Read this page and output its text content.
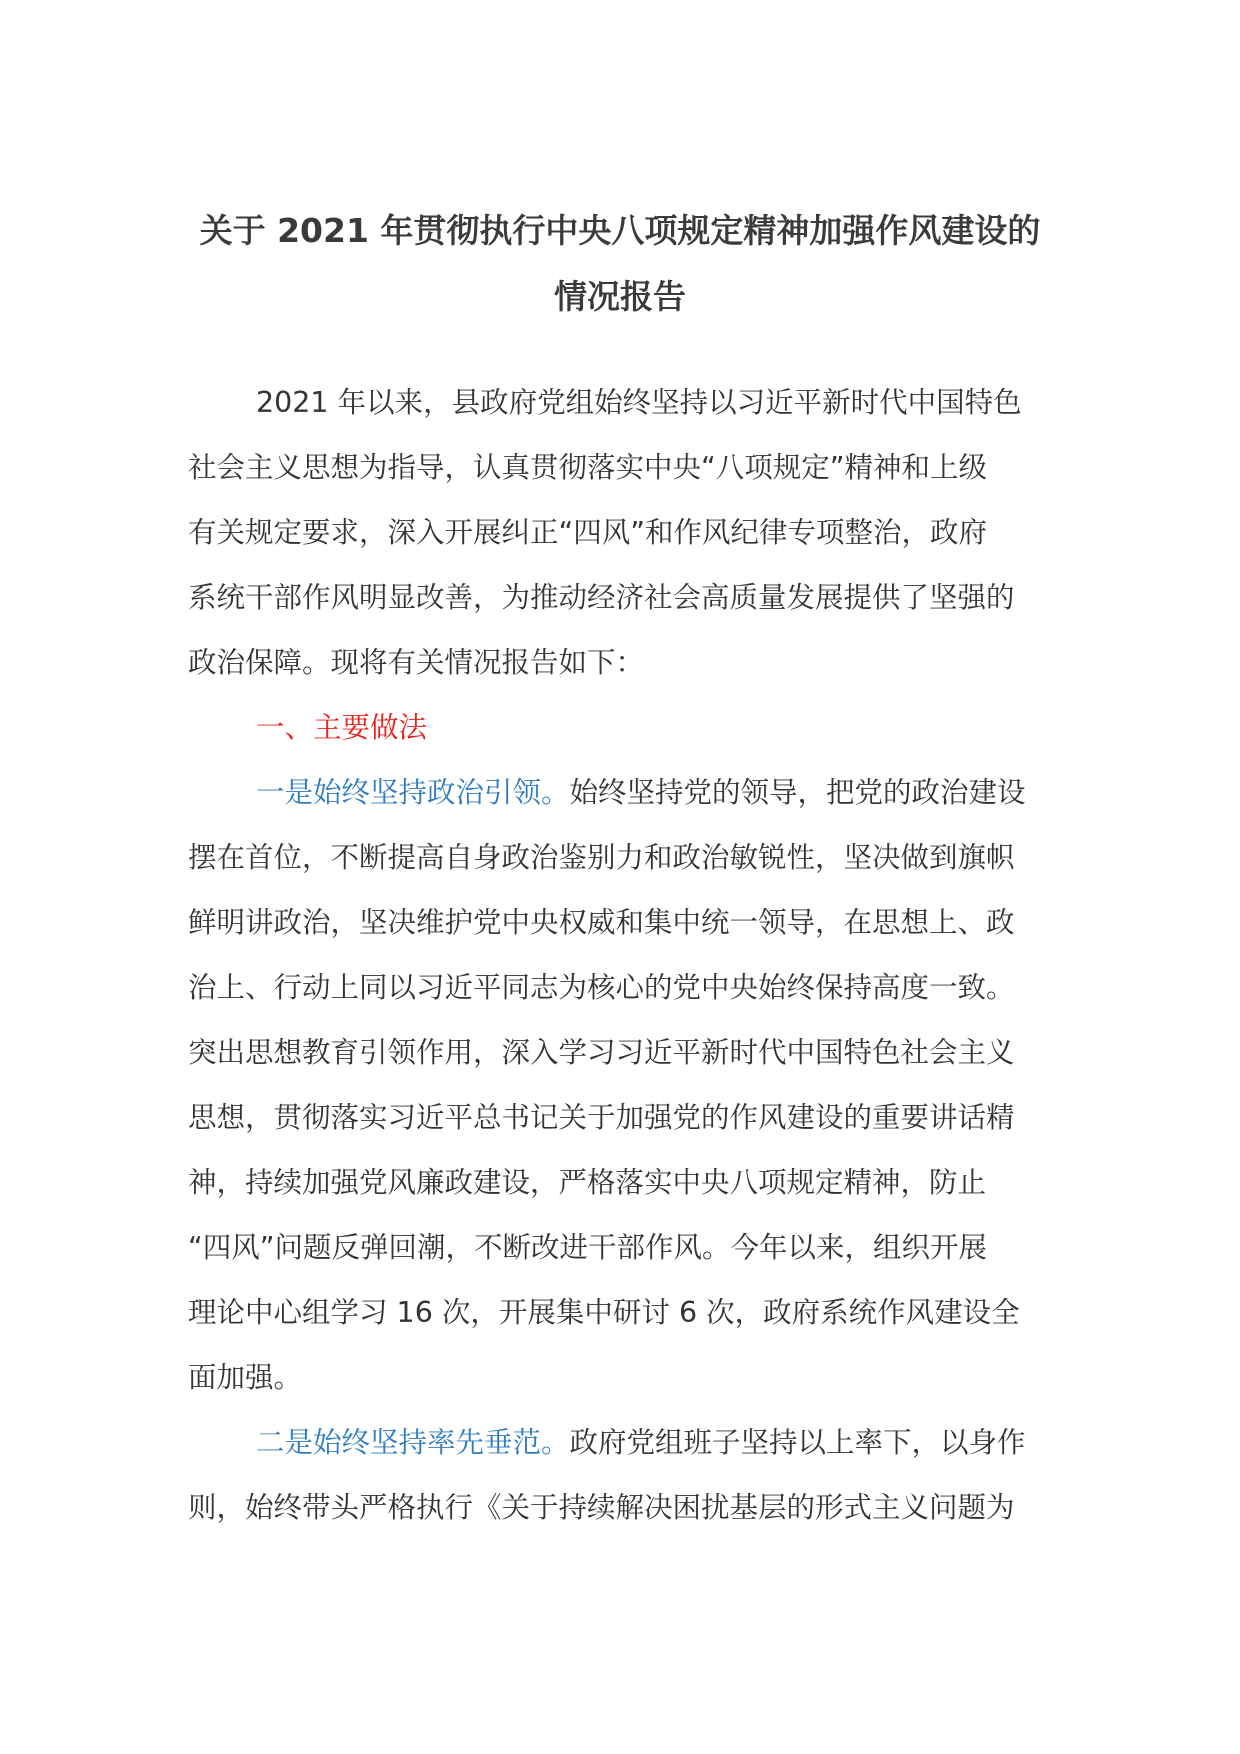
关于 2021 年贯彻执行中央八项规定精神加强作风建设的
情况报告
2021 年以来，县政府党组始终坚持以习近平新时代中国特色
社会主义思想为指导，认真贯彻落实中央“八项规定”精神和上级
有关规定要求，深入开展纠正“四风”和作风纪律专项整治，政府
系统干部作风明显改善，为推动经济社会高质量发展提供了坚强的
政治保障。现将有关情况报告如下：
一、主要做法
一是始终坚持政治引领。始终坚持党的领导，把党的政治建设
摆在首位，不断提高自身政治鉴别力和政治敏锐性，坚决做到旗帜
鲜明讲政治，坚决维护党中央权威和集中统一领导，在思想上、政
治上、行动上同以习近平同志为核心的党中央始终保持高度一致。
突出思想教育引领作用，深入学习习近平新时代中国特色社会主义
思想，贯彻落实习近平总书记关于加强党的作风建设的重要讲话精
神，持续加强党风廉政建设，严格落实中央八项规定精神，防止
“四风”问题反弹回潮，不断改进干部作风。今年以来，组织开展
理论中心组学习 16 次，开展集中研讨 6 次，政府系统作风建设全
面加强。
二是始终坚持率先垂范。政府党组班子坚持以上率下，以身作
则，始终带头严格执行《关于持续解决困扰基层的形式主义问题为
